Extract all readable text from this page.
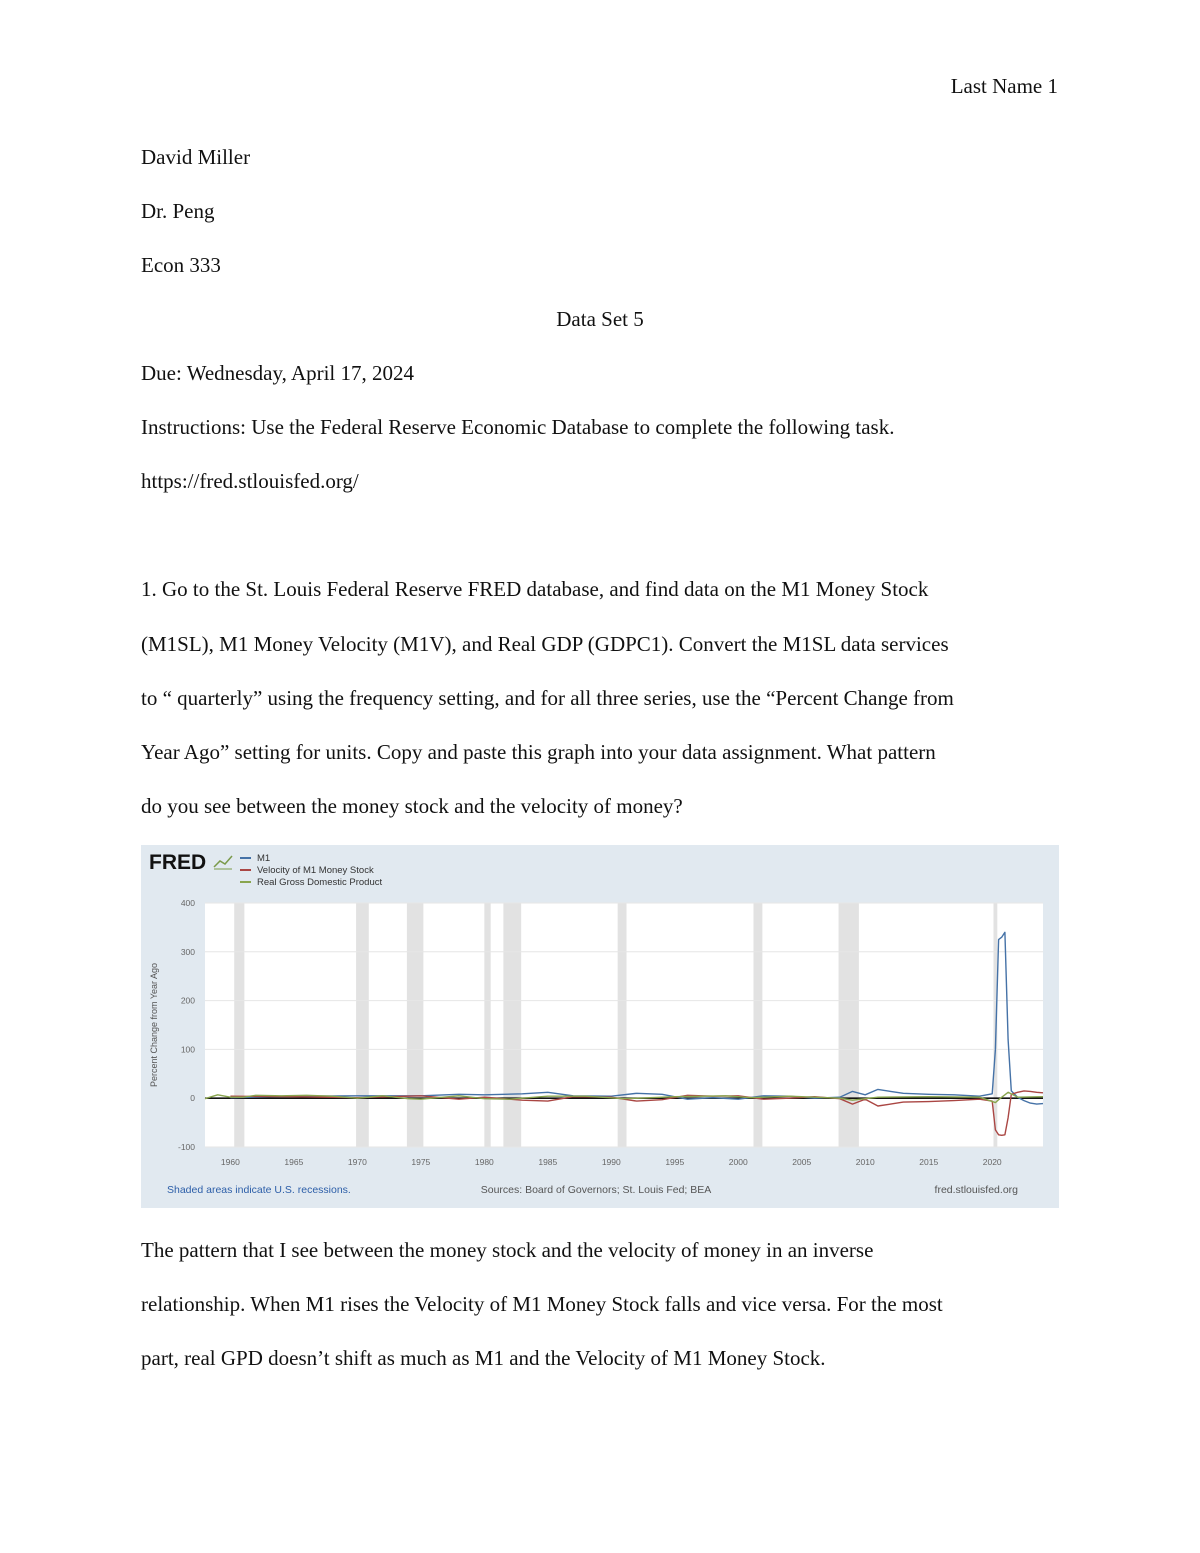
Last Name 1
David Miller
Dr. Peng
Econ 333
Data Set 5
Due: Wednesday, April 17, 2024
Instructions: Use the Federal Reserve Economic Database to complete the following task.
https://fred.stlouisfed.org/
1. Go to the St. Louis Federal Reserve FRED database, and find data on the M1 Money Stock
(M1SL), M1 Money Velocity (M1V), and Real GDP (GDPC1). Convert the M1SL data services
to “ quarterly” using the frequency setting, and for all three series, use the “Percent Change from
Year Ago” setting for units. Copy and paste this graph into your data assignment. What pattern
do you see between the money stock and the velocity of money?
FRED	M1
Velocity of M1 Money Stock
Real Gross Domestic Product
400
300
200
100
0
-100
1960	1965	1970	1975	1980	1985	1990	1995	2000	2005	2010	2015	2020
Percent Change from Year Ago
Shaded areas indicate U.S. recessions.	Sources: Board of Governors; St. Louis Fed; BEA	fred.stlouisfed.org
The pattern that I see between the money stock and the velocity of money in an inverse
relationship. When M1 rises the Velocity of M1 Money Stock falls and vice versa. For the most
part, real GPD doesn’t shift as much as M1 and the Velocity of M1 Money Stock.
